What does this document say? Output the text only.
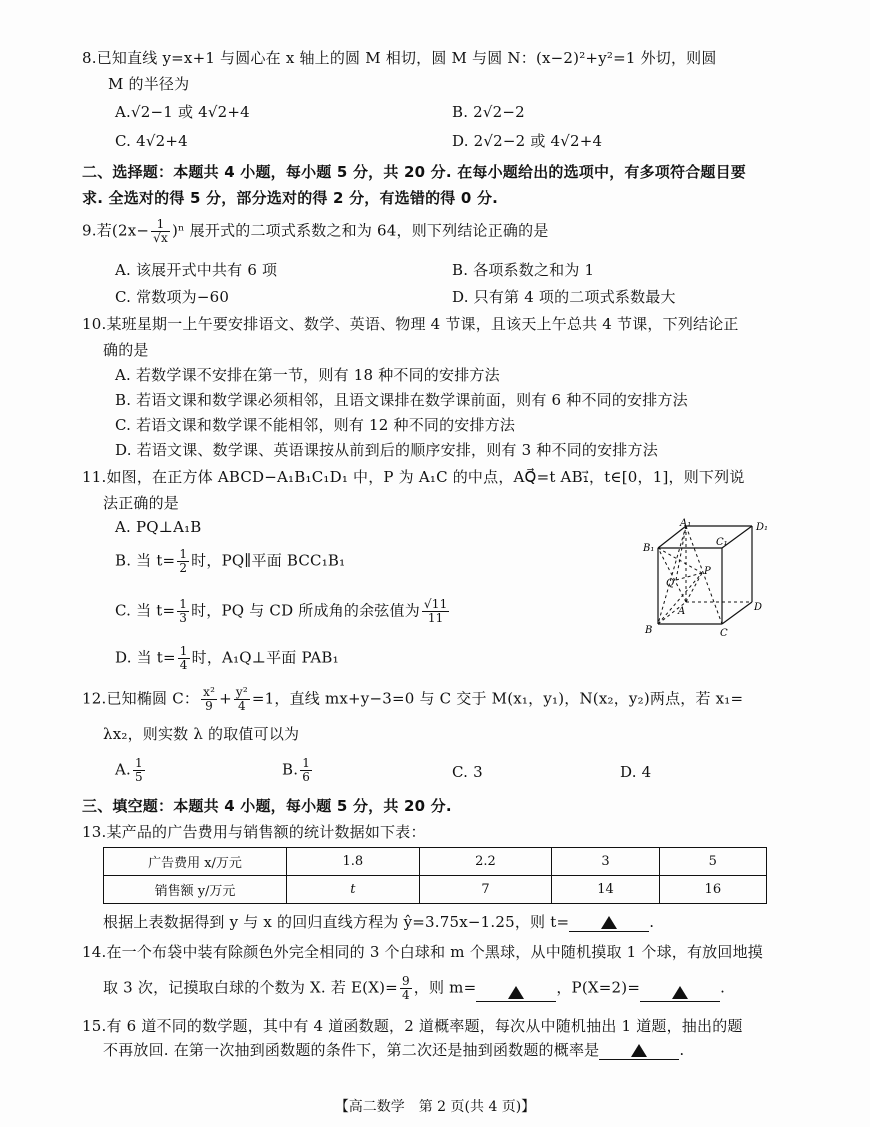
8.已知直线 y=x+1 与圆心在 x 轴上的圆 M 相切，圆 M 与圆 N：(x−2)²+y²=1 外切，则圆
M 的半径为
A.√2−1 或 4√2+4	B. 2√2−2
C. 4√2+4	D. 2√2−2 或 4√2+4
二、选择题：本题共 4 小题，每小题 5 分，共 20 分. 在每小题给出的选项中，有多项符合题目要
求. 全选对的得 5 分，部分选对的得 2 分，有选错的得 0 分.
9.若$(2x- \frac{1}{√x} )^n$ 展开式的二项式系数之和为 64，则下列结论正确的是
A. 该展开式中共有 6 项	B. 各项系数之和为 1
C. 常数项为−60	D. 只有第 4 项的二项式系数最大
10.某班星期一上午要安排语文、数学、英语、物理 4 节课，且该天上午总共 4 节课，下列结论正
确的是
A. 若数学课不安排在第一节，则有 18 种不同的安排方法
B. 若语文课和数学课必须相邻，且语文课排在数学课前面，则有 6 种不同的安排方法
C. 若语文课和数学课不能相邻，则有 12 种不同的安排方法
D. 若语文课、数学课、英语课按从前到后的顺序安排，则有 3 种不同的安排方法
11.如图，在正方体 ABCD−A₁B₁C₁D₁ 中，P 为 A₁C 的中点，AQ⃗=t AB₁⃗，t∈[0，1]，则下列说
法正确的是
A. PQ⊥A₁B
B. 当 $t= \frac{1}{2}$ 时，PQ∥平面 BCC₁B₁
C. 当 $t= \frac{1}{3}$ 时，PQ 与 CD 所成角的余弦值为 $\frac{√11}{11}$
D. 当 $t= \frac{1}{4}$ 时，A₁Q⊥平面 PAB₁
A₁
B₁
C₁
D₁
A
B	C
D
P
Q
12.已知椭圆 C： $\frac{\text{x²}}{9} + \frac{\text{y²}}{4} =1$，直线 mx+y−3=0 与 C 交于 M(x₁，y₁)，N(x₂，y₂)两点，若 x₁=
λx₂，则实数 λ 的取值可以为
A. $\frac{1}{5}$	B. $\frac{1}{6}$	C. 3	D. 4
三、填空题：本题共 4 小题，每小题 5 分，共 20 分.
13.某产品的广告费用与销售额的统计数据如下表：
广告费用 x/万元	1.8	2.2	3	5
销售额 y/万元	t	7	14	16
根据上表数据得到 y 与 x 的回归直线方程为 ŷ=3.75x−1.25，则 t=	.
14.在一个布袋中装有除颜色外完全相同的 3 个白球和 m 个黑球，从中随机摸取 1 个球，有放回地摸
取 3 次，记摸取白球的个数为 X. 若 $E(X)= \frac{9}{4}$ ，则 m=	，P(X=2)=	.
15.有 6 道不同的数学题，其中有 4 道函数题，2 道概率题，每次从中随机抽出 1 道题，抽出的题
不再放回. 在第一次抽到函数题的条件下，第二次还是抽到函数题的概率是	.
【高二数学　第 2 页(共 4 页)】
